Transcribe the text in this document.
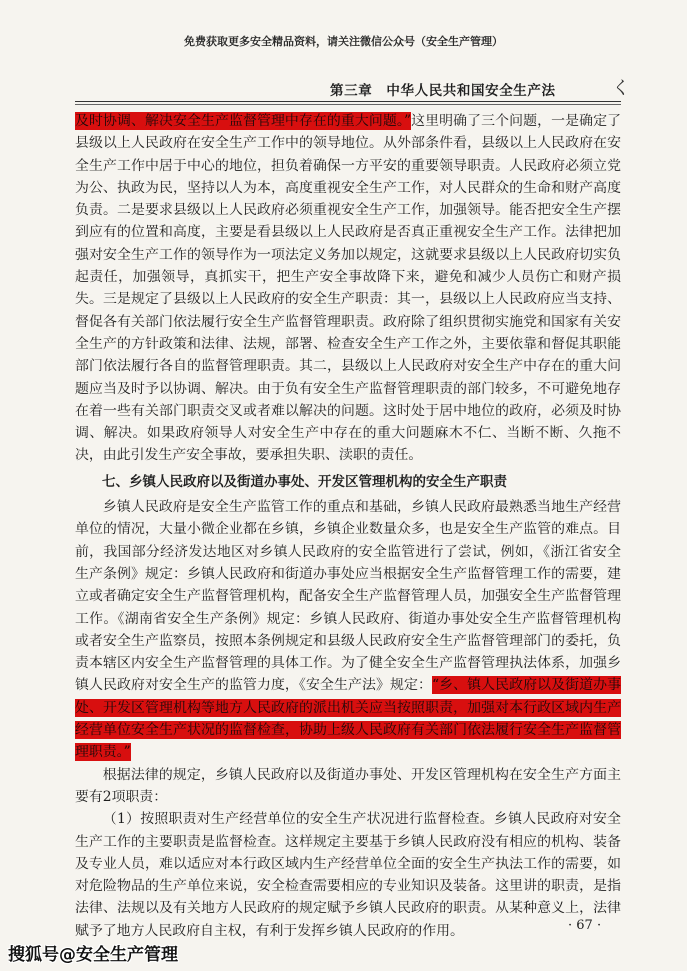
免费获取更多安全精品资料，请关注微信公众号（安全生产管理）
第三章　中华人民共和国安全生产法	く

及时协调、解决安全生产监督管理中存在的重大问题。”这里明确了三个问题，一是确定了县级以上人民政府在安全生产工作中的领导地位。从外部条件看，县级以上人民政府在安全生产工作中居于中心的地位，担负着确保一方平安的重要领导职责。人民政府必须立党为公、执政为民，坚持以人为本，高度重视安全生产工作，对人民群众的生命和财产高度负责。二是要求县级以上人民政府必须重视安全生产工作，加强领导。能否把安全生产摆到应有的位置和高度，主要是看县级以上人民政府是否真正重视安全生产工作。法律把加强对安全生产工作的领导作为一项法定义务加以规定，这就要求县级以上人民政府切实负起责任，加强领导，真抓实干，把生产安全事故降下来，避免和减少人员伤亡和财产损失。三是规定了县级以上人民政府的安全生产职责：其一，县级以上人民政府应当支持、督促各有关部门依法履行安全生产监督管理职责。政府除了组织贯彻实施党和国家有关安全生产的方针政策和法律、法规，部署、检查安全生产工作之外，主要依靠和督促其职能部门依法履行各自的监督管理职责。其二，县级以上人民政府对安全生产中存在的重大问题应当及时予以协调、解决。由于负有安全生产监督管理职责的部门较多，不可避免地存在着一些有关部门职责交叉或者难以解决的问题。这时处于居中地位的政府，必须及时协调、解决。如果政府领导人对安全生产中存在的重大问题麻木不仁、当断不断、久拖不决，由此引发生产安全事故，要承担失职、渎职的责任。

七、乡镇人民政府以及街道办事处、开发区管理机构的安全生产职责

乡镇人民政府是安全生产监管工作的重点和基础，乡镇人民政府最熟悉当地生产经营单位的情况，大量小微企业都在乡镇，乡镇企业数量众多，也是安全生产监管的难点。目前，我国部分经济发达地区对乡镇人民政府的安全监管进行了尝试，例如，《浙江省安全生产条例》规定：乡镇人民政府和街道办事处应当根据安全生产监督管理工作的需要，建立或者确定安全生产监督管理机构，配备安全生产监督管理人员，加强安全生产监督管理工作。《湖南省安全生产条例》规定：乡镇人民政府、街道办事处安全生产监督管理机构或者安全生产监察员，按照本条例规定和县级人民政府安全生产监督管理部门的委托，负责本辖区内安全生产监督管理的具体工作。为了健全安全生产监督管理执法体系，加强乡镇人民政府对安全生产的监管力度，《安全生产法》规定：“乡、镇人民政府以及街道办事处、开发区管理机构等地方人民政府的派出机关应当按照职责，加强对本行政区域内生产经营单位安全生产状况的监督检查，协助上级人民政府有关部门依法履行安全生产监督管理职责。”

根据法律的规定，乡镇人民政府以及街道办事处、开发区管理机构在安全生产方面主要有2项职责：

（1）按照职责对生产经营单位的安全生产状况进行监督检查。乡镇人民政府对安全生产工作的主要职责是监督检查。这样规定主要基于乡镇人民政府没有相应的机构、装备及专业人员，难以适应对本行政区域内生产经营单位全面的安全生产执法工作的需要，如对危险物品的生产单位来说，安全检查需要相应的专业知识及装备。这里讲的职责，是指法律、法规以及有关地方人民政府的规定赋予乡镇人民政府的职责。从某种意义上，法律赋予了地方人民政府自主权，有利于发挥乡镇人民政府的作用。	· 67 ·
搜狐号@安全生产管理
